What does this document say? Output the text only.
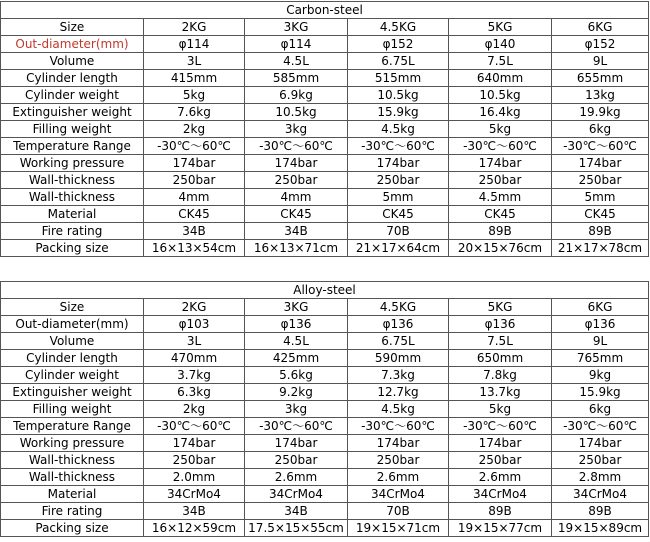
Carbon-steel					
Size	2KG	3KG	4.5KG	5KG	6KG
Out-diameter(mm)	φ114	φ114	φ152	φ140	φ152
Volume	3L	4.5L	6.75L	7.5L	9L
Cylinder length	415mm	585mm	515mm	640mm	655mm
Cylinder weight	5kg	6.9kg	10.5kg	10.5kg	13kg
Extinguisher weight	7.6kg	10.5kg	15.9kg	16.4kg	19.9kg
Filling weight	2kg	3kg	4.5kg	5kg	6kg
Temperature Range	-30℃～60℃	-30℃～60℃	-30℃～60℃	-30℃～60℃	-30℃～60℃
Working pressure	174bar	174bar	174bar	174bar	174bar
Wall-thickness	250bar	250bar	250bar	250bar	250bar
Wall-thickness	4mm	4mm	5mm	4.5mm	5mm
Material	CK45	CK45	CK45	CK45	CK45
Fire rating	34B	34B	70B	89B	89B
Packing size	16×13×54cm	16×13×71cm	21×17×64cm	20×15×76cm	21×17×78cm
Alloy-steel					
Size	2KG	3KG	4.5KG	5KG	6KG
Out-diameter(mm)	φ103	φ136	φ136	φ136	φ136
Volume	3L	4.5L	6.75L	7.5L	9L
Cylinder length	470mm	425mm	590mm	650mm	765mm
Cylinder weight	3.7kg	5.6kg	7.3kg	7.8kg	9kg
Extinguisher weight	6.3kg	9.2kg	12.7kg	13.7kg	15.9kg
Filling weight	2kg	3kg	4.5kg	5kg	6kg
Temperature Range	-30℃～60℃	-30℃～60℃	-30℃～60℃	-30℃～60℃	-30℃～60℃
Working pressure	174bar	174bar	174bar	174bar	174bar
Wall-thickness	250bar	250bar	250bar	250bar	250bar
Wall-thickness	2.0mm	2.6mm	2.6mm	2.6mm	2.8mm
Material	34CrMo4	34CrMo4	34CrMo4	34CrMo4	34CrMo4
Fire rating	34B	34B	70B	89B	89B
Packing size	16×12×59cm	17.5×15×55cm	19×15×71cm	19×15×77cm	19×15×89cm
